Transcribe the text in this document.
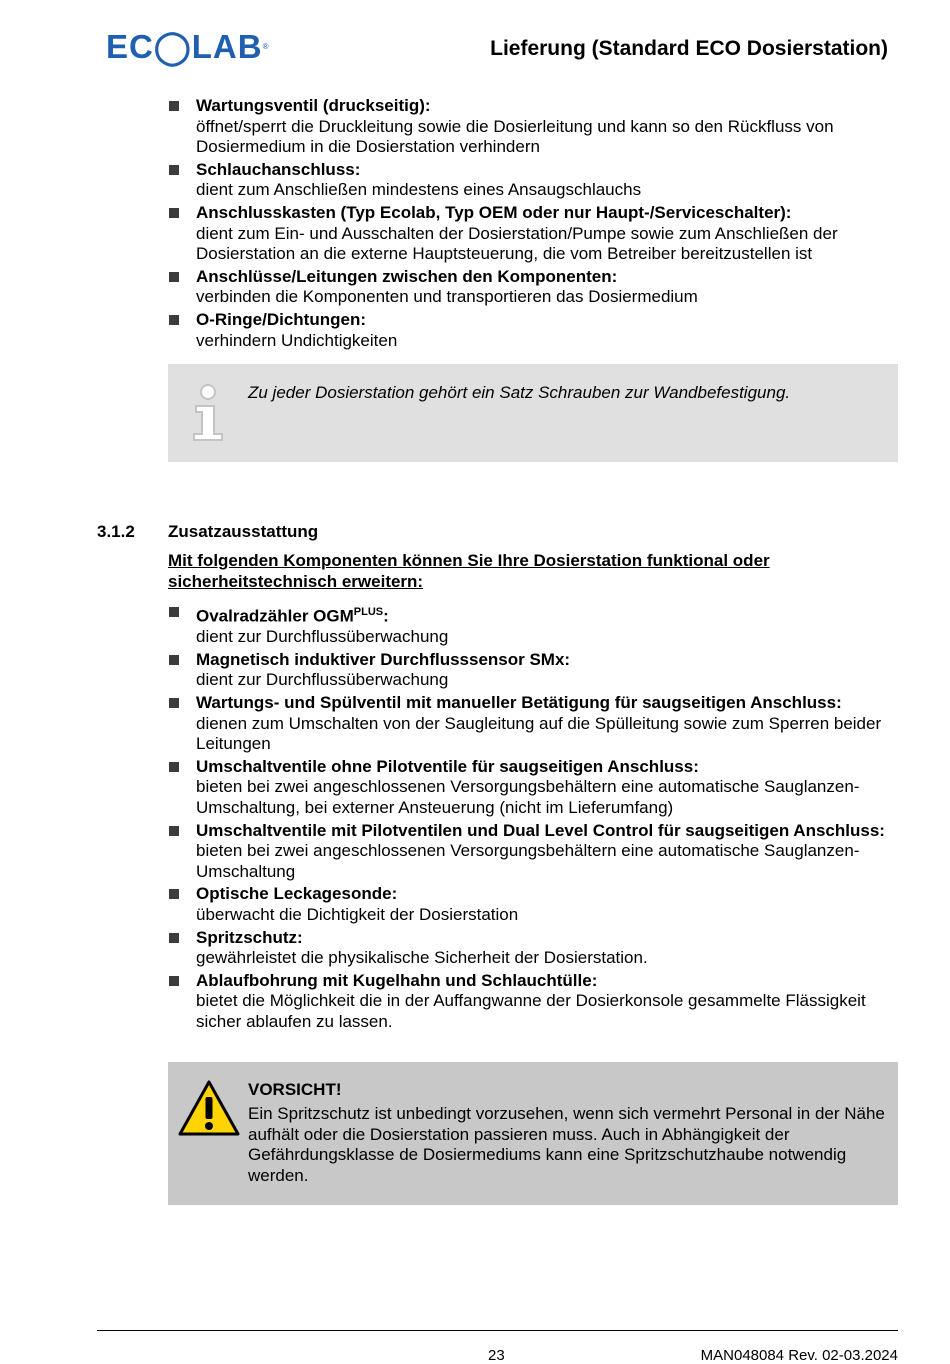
EC◯LAB®	Lieferung (Standard ECO Dosierstation)
Wartungsventil (druckseitig):
öffnet/sperrt die Druckleitung sowie die Dosierleitung und kann so den Rückfluss von Dosiermedium in die Dosierstation verhindern
Schlauchanschluss:
dient zum Anschließen mindestens eines Ansaugschlauchs
Anschlusskasten (Typ Ecolab, Typ OEM oder nur Haupt-/Serviceschalter):
dient zum Ein- und Ausschalten der Dosierstation/Pumpe sowie zum Anschließen der Dosierstation an die externe Hauptsteuerung, die vom Betreiber bereitzustellen ist
Anschlüsse/Leitungen zwischen den Komponenten:
verbinden die Komponenten und transportieren das Dosiermedium
O-Ringe/Dichtungen:
verhindern Undichtigkeiten
Zu jeder Dosierstation gehört ein Satz Schrauben zur Wandbefestigung.
3.1.2 Zusatzausstattung
Mit folgenden Komponenten können Sie Ihre Dosierstation funktional oder sicherheitstechnisch erweitern:
Ovalradzähler $OGM^{PLUS}$:
dient zur Durchflussüberwachung
Magnetisch induktiver Durchflusssensor SMx:
dient zur Durchflussüberwachung
Wartungs- und Spülventil mit manueller Betätigung für saugseitigen Anschluss:
dienen zum Umschalten von der Saugleitung auf die Spülleitung sowie zum Sperren beider Leitungen
Umschaltventile ohne Pilotventile für saugseitigen Anschluss:
bieten bei zwei angeschlossenen Versorgungsbehältern eine automatische Sauglanzen-Umschaltung, bei externer Ansteuerung (nicht im Lieferumfang)
Umschaltventile mit Pilotventilen und Dual Level Control für saugseitigen Anschluss:
bieten bei zwei angeschlossenen Versorgungsbehältern eine automatische Sauglanzen-Umschaltung
Optische Leckagesonde:
überwacht die Dichtigkeit der Dosierstation
Spritzschutz:
gewährleistet die physikalische Sicherheit der Dosierstation.
Ablaufbohrung mit Kugelhahn und Schlauchtülle:
bietet die Möglichkeit die in der Auffangwanne der Dosierkonsole gesammelte Flässigkeit sicher ablaufen zu lassen.
VORSICHT!
Ein Spritzschutz ist unbedingt vorzusehen, wenn sich vermehrt Personal in der Nähe aufhält oder die Dosierstation passieren muss. Auch in Abhängigkeit der Gefährdungsklasse de Dosiermediums kann eine Spritzschutzhaube notwendig werden.
23	MAN048084 Rev. 02-03.2024
